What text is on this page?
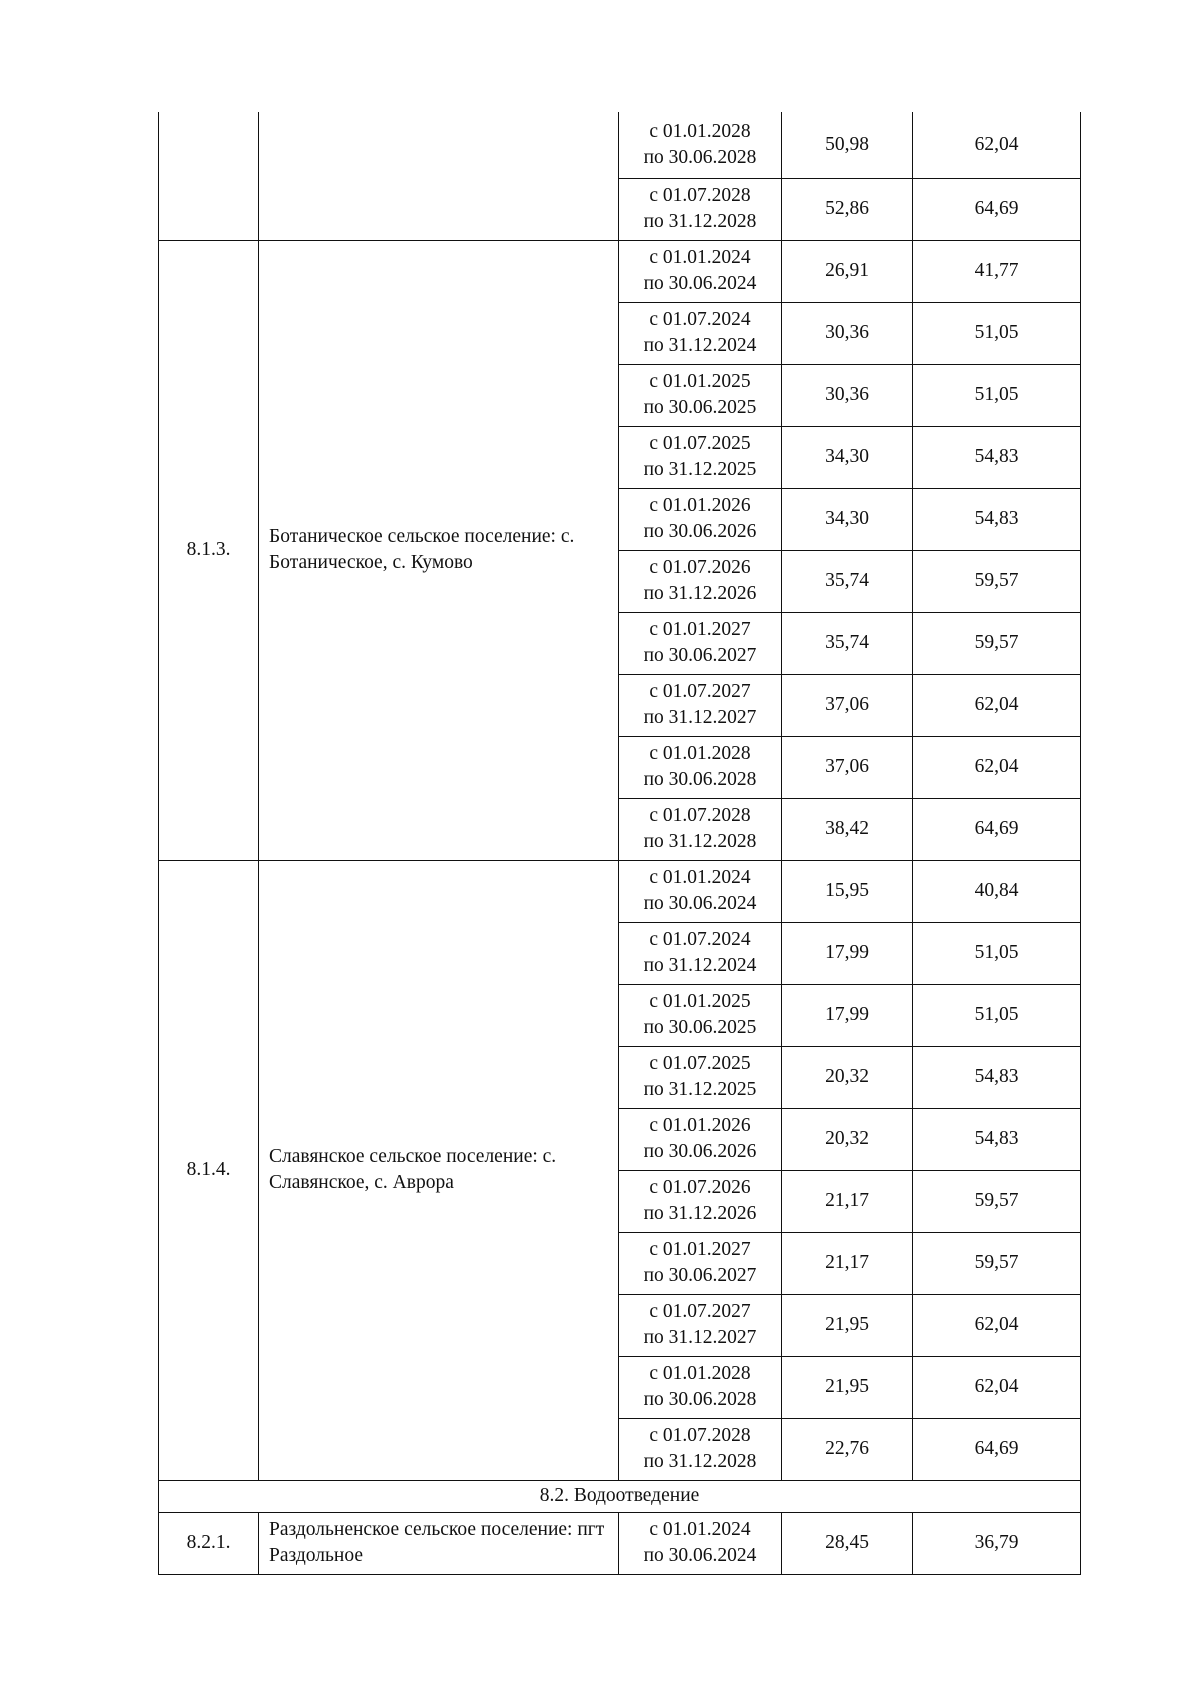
		с 01.01.2028
по 30.06.2028	50,98	62,04

		с 01.07.2028
по 31.12.2028	52,86	64,69
8.1.3.	Ботаническое сельское поселение: с. Ботаническое, с. Кумово	с 01.01.2024
по 30.06.2024	26,91	41,77

		с 01.07.2024
по 31.12.2024	30,36	51,05

		с 01.01.2025
по 30.06.2025	30,36	51,05

		с 01.07.2025
по 31.12.2025	34,30	54,83

		с 01.01.2026
по 30.06.2026	34,30	54,83

		с 01.07.2026
по 31.12.2026	35,74	59,57

		с 01.01.2027
по 30.06.2027	35,74	59,57

		с 01.07.2027
по 31.12.2027	37,06	62,04

		с 01.01.2028
по 30.06.2028	37,06	62,04

		с 01.07.2028
по 31.12.2028	38,42	64,69
8.1.4.	Славянское сельское поселение: с. Славянское, с. Аврора	с 01.01.2024
по 30.06.2024	15,95	40,84

		с 01.07.2024
по 31.12.2024	17,99	51,05

		с 01.01.2025
по 30.06.2025	17,99	51,05

		с 01.07.2025
по 31.12.2025	20,32	54,83

		с 01.01.2026
по 30.06.2026	20,32	54,83

		с 01.07.2026
по 31.12.2026	21,17	59,57

		с 01.01.2027
по 30.06.2027	21,17	59,57

		с 01.07.2027
по 31.12.2027	21,95	62,04

		с 01.01.2028
по 30.06.2028	21,95	62,04

		с 01.07.2028
по 31.12.2028	22,76	64,69
8.2. Водоотведение				
8.2.1.	Раздольненское сельское поселение: пгт Раздольное	с 01.01.2024
по 30.06.2024	28,45	36,79
